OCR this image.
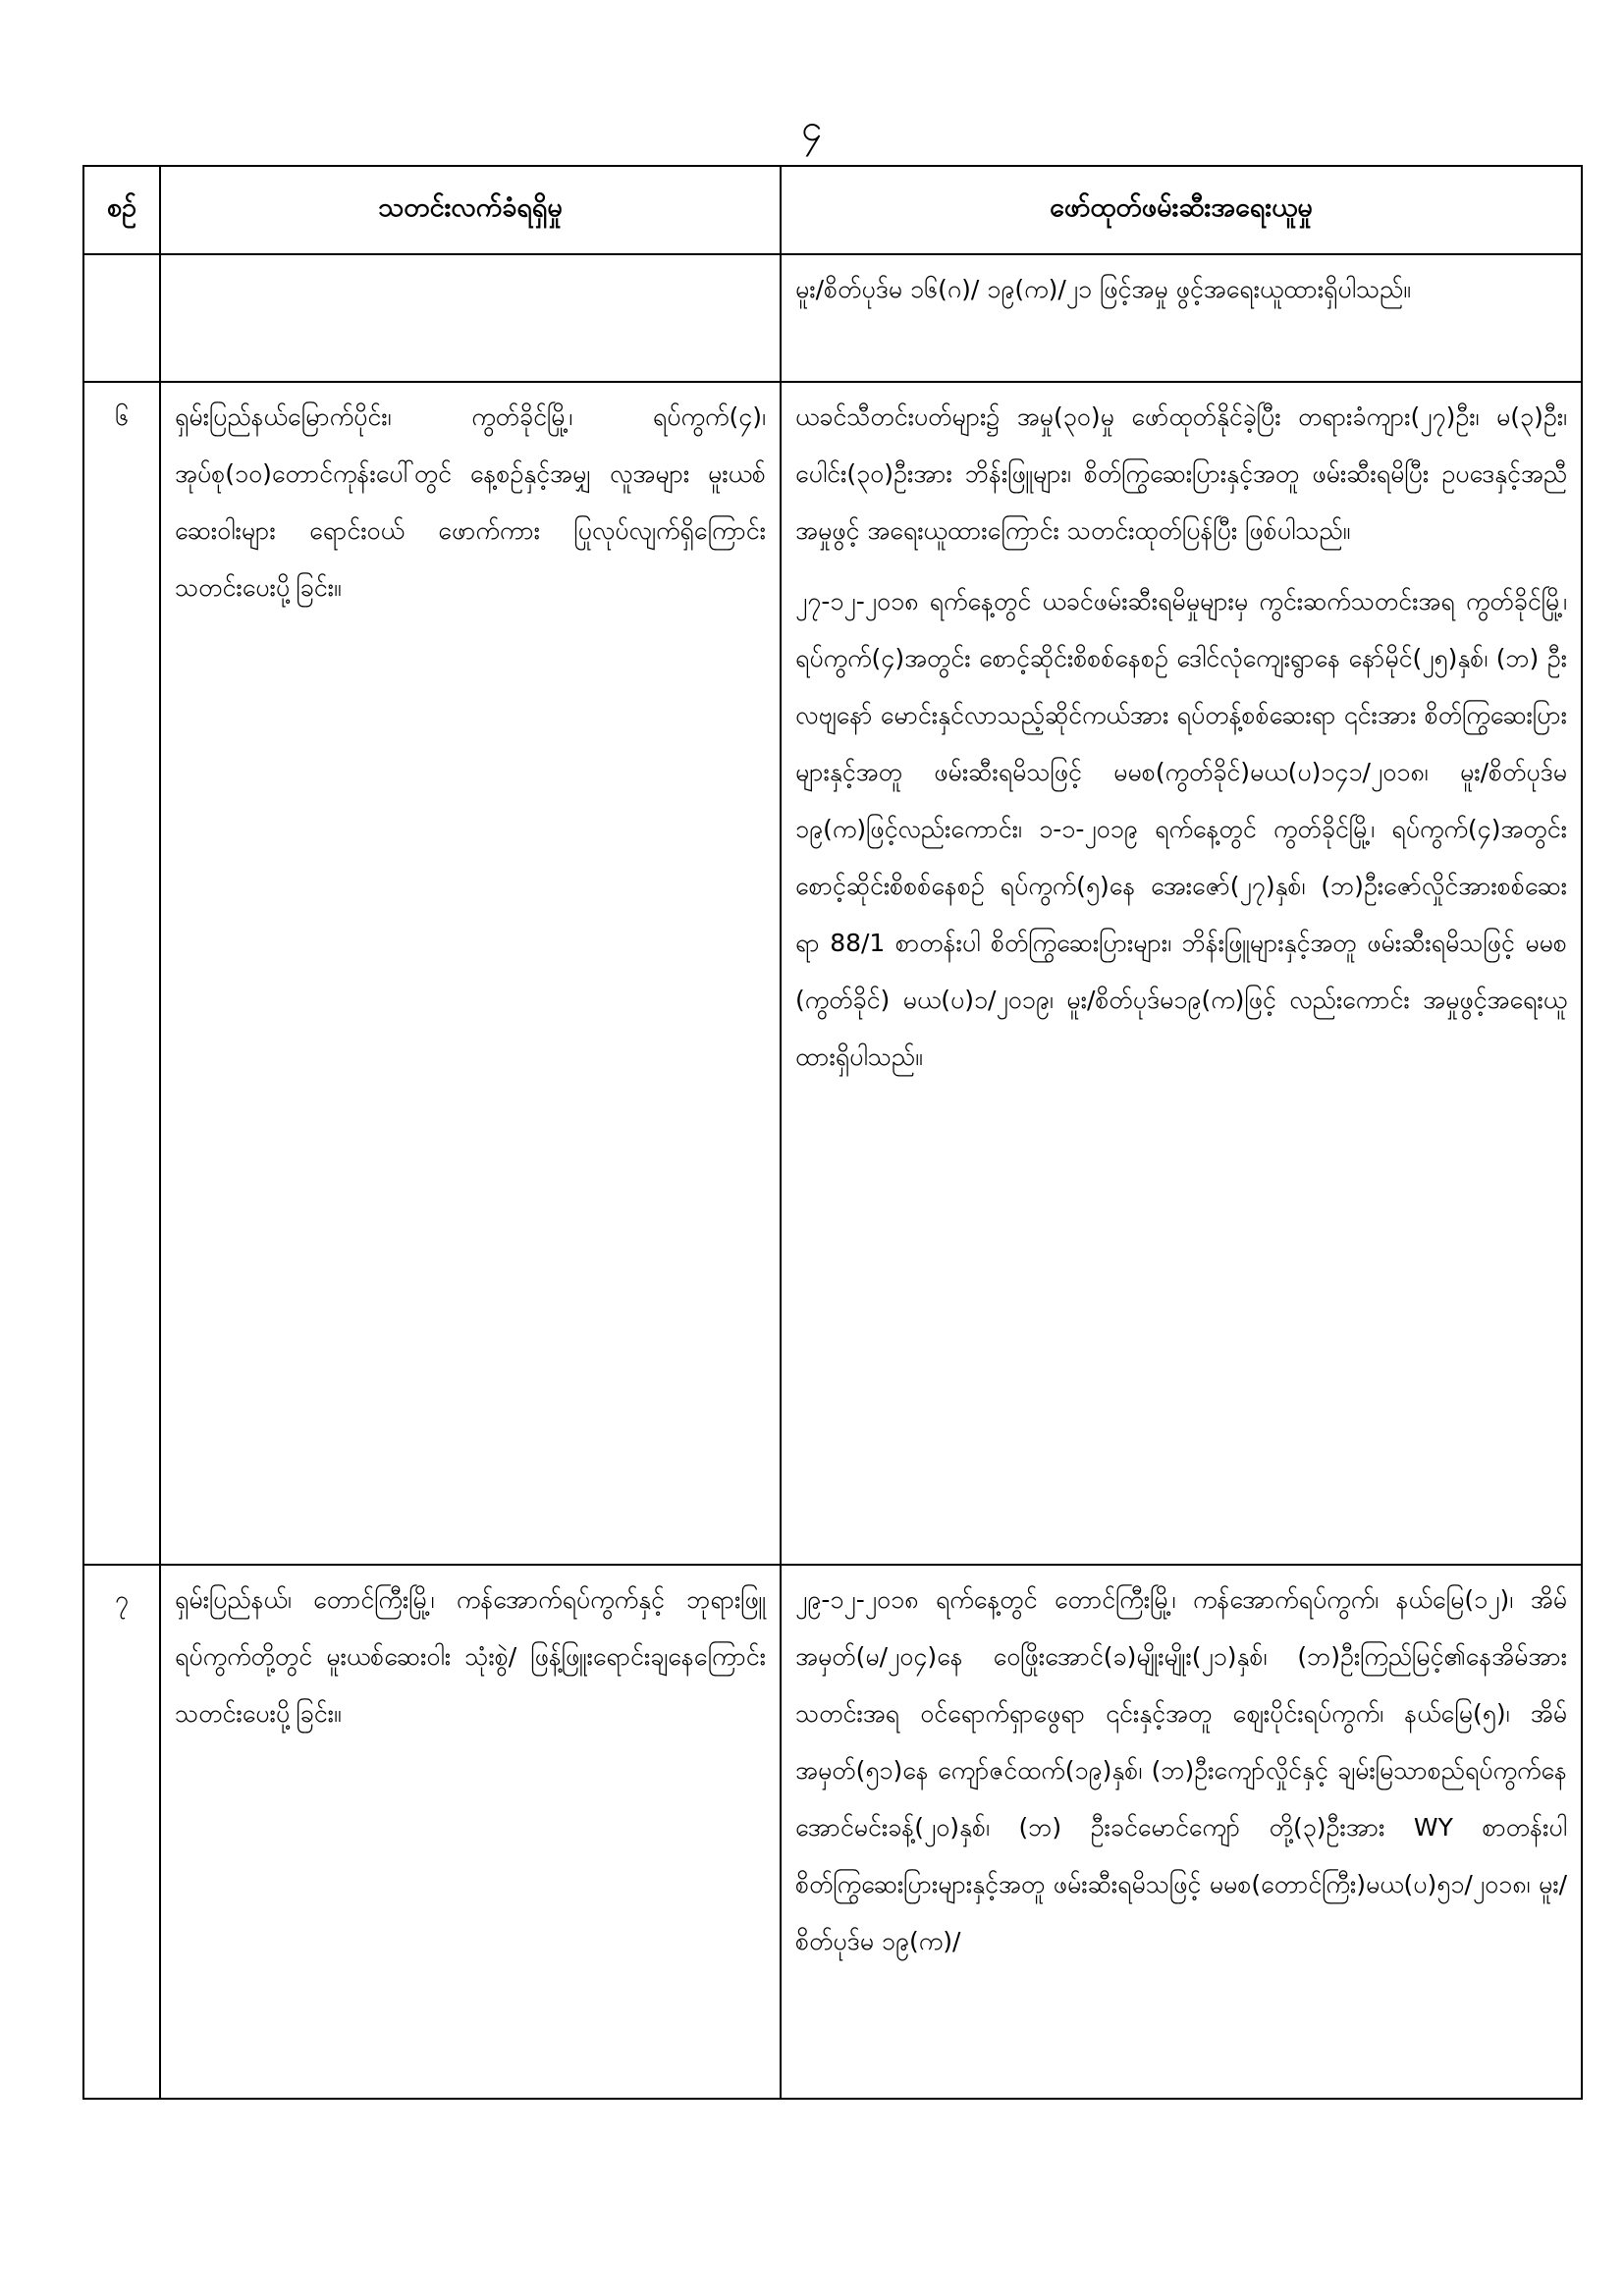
၄
စဉ်	သတင်းလက်ခံရရှိမှု	ဖော်ထုတ်ဖမ်းဆီးအရေးယူမှု

		မူး/စိတ်ပုဒ်မ ၁၆(ဂ)/ ၁၉(က)/၂၁ ဖြင့်အမှု ဖွင့်အရေးယူထားရှိပါသည်။

၆	ရှမ်းပြည်နယ်မြောက်ပိုင်း၊ ကွတ်ခိုင်မြို့၊ ရပ်ကွက်(၄)၊ အုပ်စု(၁၀)တောင်ကုန်းပေါ်တွင် နေ့စဉ်နှင့်အမျှ လူအများ မူးယစ်ဆေးဝါးများ ရောင်းဝယ် ဖောက်ကား ပြုလုပ်လျက်ရှိကြောင်း သတင်းပေးပို့ခြင်း။	ယခင်သီတင်းပတ်များ၌ အမှု(၃၀)မှု ဖော်ထုတ်နိုင်ခဲ့ပြီး တရားခံကျား(၂၇)ဦး၊ မ(၃)ဦး၊ ပေါင်း(၃၀)ဦးအား ဘိန်းဖြူများ၊ စိတ်ကြွဆေးပြားနှင့်အတူ ဖမ်းဆီးရမိပြီး ဥပဒေနှင့်အညီ အမှုဖွင့် အရေးယူထားကြောင်း သတင်းထုတ်ပြန်ပြီး ဖြစ်ပါသည်။

၂၇-၁၂-၂၀၁၈ ရက်နေ့တွင် ယခင်ဖမ်းဆီးရမိမှုများမှ ကွင်းဆက်သတင်းအရ ကွတ်ခိုင်မြို့၊ ရပ်ကွက်(၄)အတွင်း စောင့်ဆိုင်းစိစစ်နေစဉ် ဒေါင်လုံကျေးရွာနေ နော်မိုင်(၂၅)နှစ်၊ (ဘ) ဦးလဗျနော် မောင်းနှင်လာသည့်ဆိုင်ကယ်အား ရပ်တန့်စစ်ဆေးရာ ၎င်းအား စိတ်ကြွဆေးပြားများနှင့်အတူ ဖမ်းဆီးရမိသဖြင့် မမစ(ကွတ်ခိုင်)မယ(ပ)၁၄၁/၂၀၁၈၊ မူး/စိတ်ပုဒ်မ ၁၉(က)ဖြင့်လည်းကောင်း၊ ၁-၁-၂၀၁၉ ရက်နေ့တွင် ကွတ်ခိုင်မြို့၊ ရပ်ကွက်(၄)အတွင်း စောင့်ဆိုင်းစိစစ်နေစဉ် ရပ်ကွက်(၅)နေ အေးဇော်(၂၇)နှစ်၊ (ဘ)ဦးဇော်လှိုင်အားစစ်ဆေးရာ 88/1 စာတန်းပါ စိတ်ကြွဆေးပြားများ၊ ဘိန်းဖြူများနှင့်အတူ ဖမ်းဆီးရမိသဖြင့် မမစ (ကွတ်ခိုင်) မယ(ပ)၁/၂၀၁၉၊ မူး/စိတ်ပုဒ်မ၁၉(က)ဖြင့် လည်းကောင်း အမှုဖွင့်အရေးယူထားရှိပါသည်။

၇	ရှမ်းပြည်နယ်၊ တောင်ကြီးမြို့၊ ကန်အောက်ရပ်ကွက်နှင့် ဘုရားဖြူရပ်ကွက်တို့တွင် မူးယစ်ဆေးဝါး သုံးစွဲ/ ဖြန့်ဖြူးရောင်းချနေကြောင်း သတင်းပေးပို့ခြင်း။	၂၉-၁၂-၂၀၁၈ ရက်နေ့တွင် တောင်ကြီးမြို့၊ ကန်အောက်ရပ်ကွက်၊ နယ်မြေ(၁၂)၊ အိမ်အမှတ်(မ/၂၀၄)နေ ဝေဖြိုးအောင်(ခ)မျိုးမျိုး(၂၁)နှစ်၊ (ဘ)ဦးကြည်မြင့်၏နေအိမ်အား သတင်းအရ ဝင်ရောက်ရှာဖွေရာ ၎င်းနှင့်အတူ ဈေးပိုင်းရပ်ကွက်၊ နယ်မြေ(၅)၊ အိမ်အမှတ်(၅၁)နေ ကျော်ဇင်ထက်(၁၉)နှစ်၊ (ဘ)ဦးကျော်လှိုင်နှင့် ချမ်းမြသာစည်ရပ်ကွက်နေ အောင်မင်းခန့်(၂၀)နှစ်၊ (ဘ) ဦးခင်မောင်ကျော် တို့(၃)ဦးအား WY စာတန်းပါစိတ်ကြွဆေးပြားများနှင့်အတူ ဖမ်းဆီးရမိသဖြင့် မမစ(တောင်ကြီး)မယ(ပ)၅၁/၂၀၁၈၊ မူး/စိတ်ပုဒ်မ ၁၉(က)/
